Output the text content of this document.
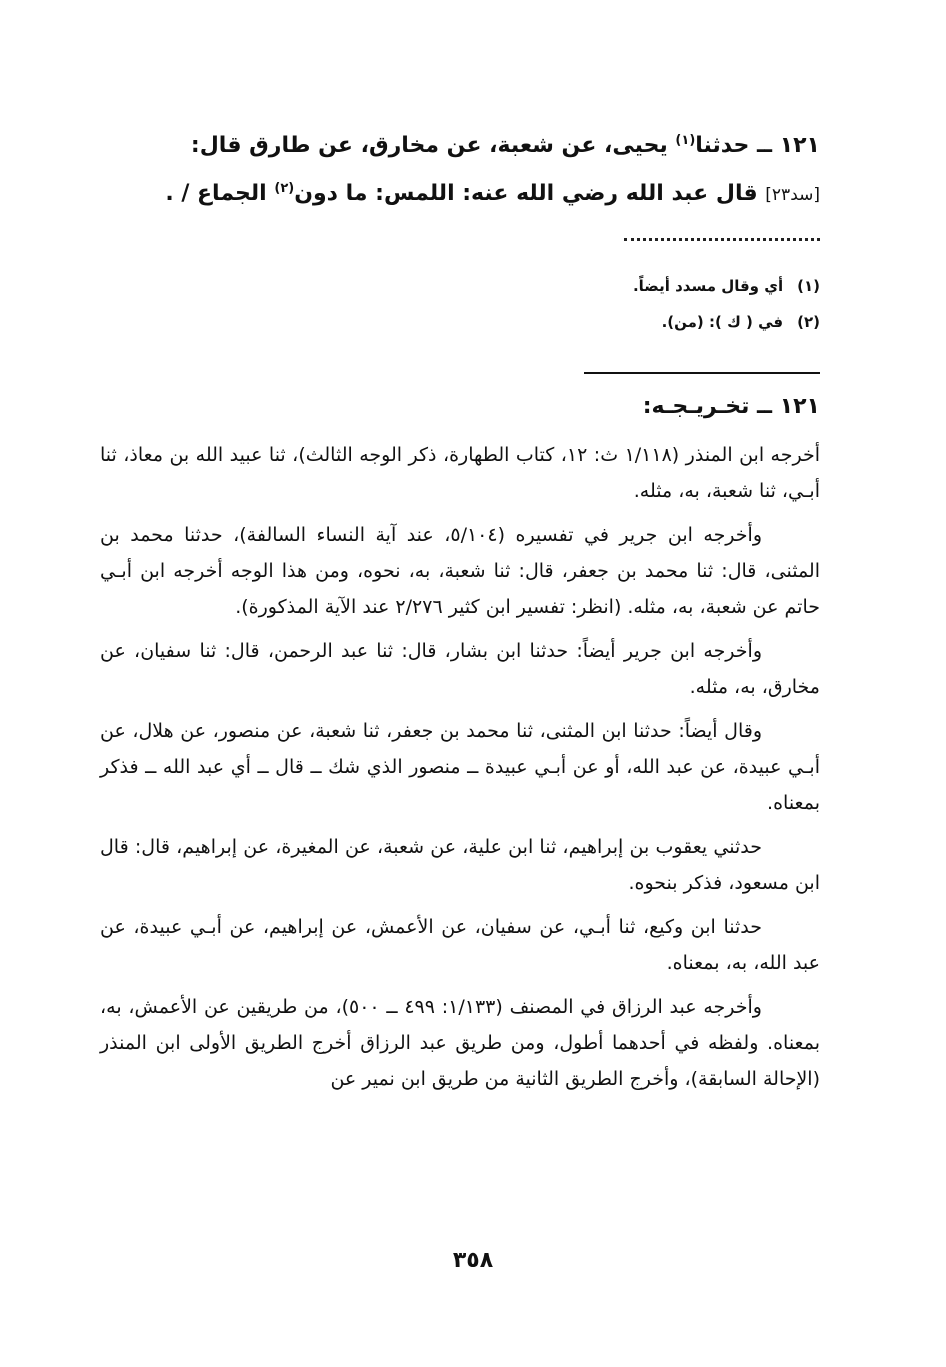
١٢١ ــ حدثنا$^{(١)}$ يحيى، عن شعبة، عن مخارق، عن طارق قال:

[سد٢٣] قال عبد الله رضي الله عنه: اللمس: ما دون$^{(٢)}$ الجماع / .

(١)أي وقال مسدد أيضاً.

(٢)في ( ك ): (من).

١٢١ ــ تخـريـجـه:

أخرجه ابن المنذر (١/١١٨ ث: ١٢، كتاب الطهارة، ذكر الوجه الثالث)، ثنا عبيد الله بن معاذ، ثنا أبـي، ثنا شعبة، به، مثله.

وأخرجه ابن جرير في تفسيره (٥/١٠٤، عند آية النساء السالفة)، حدثنا محمد بن المثنى، قال: ثنا محمد بن جعفر، قال: ثنا شعبة، به، نحوه، ومن هذا الوجه أخرجه ابن أبـي حاتم عن شعبة، به، مثله. (انظر: تفسير ابن كثير ٢/٢٧٦ عند الآية المذكورة).

وأخرجه ابن جرير أيضاً: حدثنا ابن بشار، قال: ثنا عبد الرحمن، قال: ثنا سفيان، عن مخارق، به، مثله.

وقال أيضاً: حدثنا ابن المثنى، ثنا محمد بن جعفر، ثنا شعبة، عن منصور، عن هلال، عن أبـي عبيدة، عن عبد الله، أو عن أبـي عبيدة ــ منصور الذي شك ــ قال ــ أي عبد الله ــ فذكر بمعناه.

حدثني يعقوب بن إبراهيم، ثنا ابن علية، عن شعبة، عن المغيرة، عن إبراهيم، قال: قال ابن مسعود، فذكر بنحوه.

حدثنا ابن وكيع، ثنا أبـي، عن سفيان، عن الأعمش، عن إبراهيم، عن أبـي عبيدة، عن عبد الله، به، بمعناه.

وأخرجه عبد الرزاق في المصنف (١/١٣٣: ٤٩٩ ــ ٥٠٠)، من طريقين عن الأعمش، به، بمعناه. ولفظه في أحدهما أطول، ومن طريق عبد الرزاق أخرج الطريق الأولى ابن المنذر (الإحالة السابقة)، وأخرج الطريق الثانية من طريق ابن نمير عن

٣٥٨
